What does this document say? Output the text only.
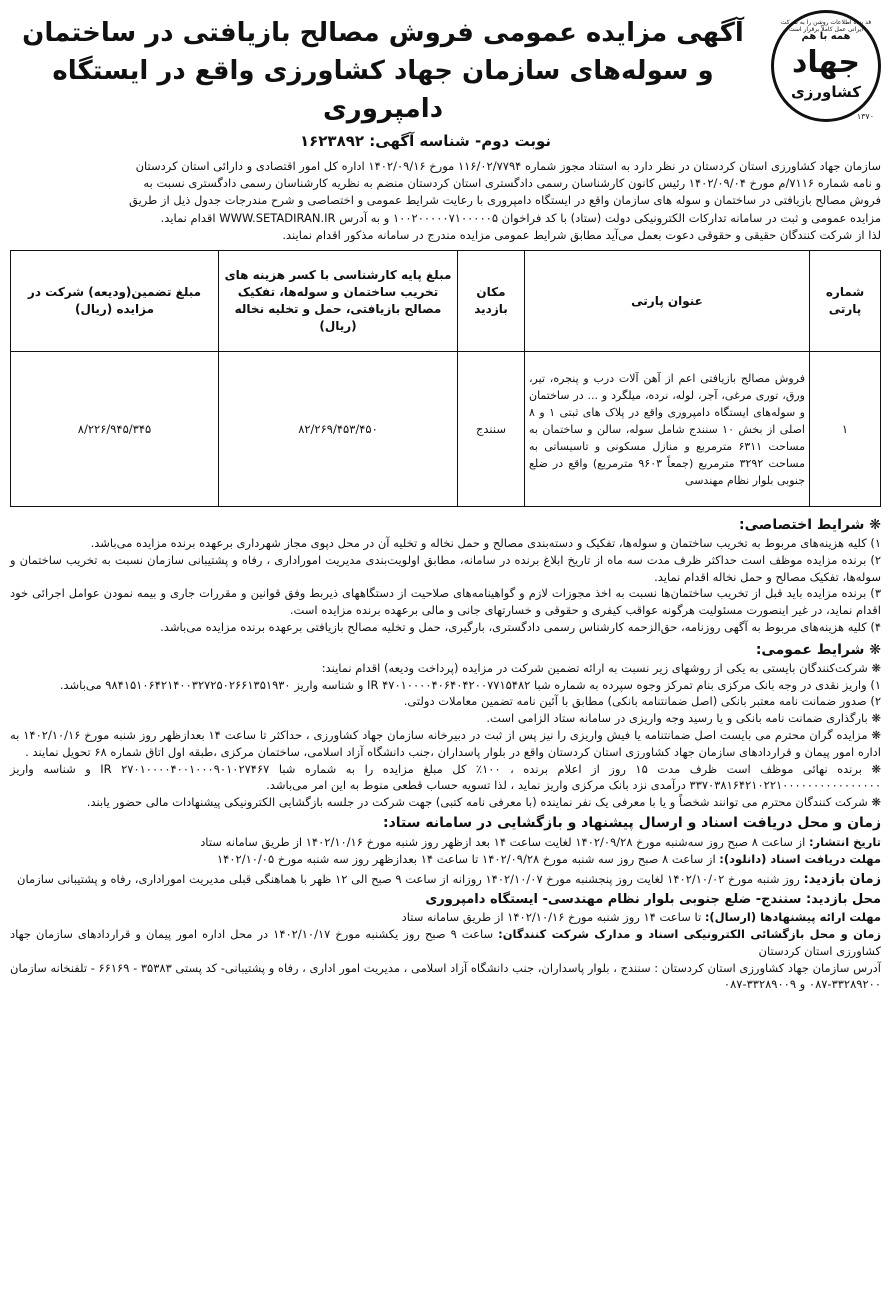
قد بنده اطلاعات روشن را به شرکت ایرانی عمل کاملاً برقرار است
همه با هم
جهاد
کشاورزی
۱۳۷۰
آگهی مزایده عمومی فروش مصالح بازیافتی در ساختمان
و سوله‌های سازمان جهاد کشاورزی واقع در ایستگاه دامپروری
نوبت دوم- شناسه آگهی: ۱۶۲۳۸۹۲
سازمان جهاد کشاورزی استان کردستان در نظر دارد به استناد مجوز شماره ۱۱۶/۰۲/۷۷۹۴ مورخ ۱۴۰۲/۰۹/۱۶ اداره کل امور اقتصادی و دارائی استان کردستان
و نامه شماره ۷۱۱۶/م مورخ ۱۴۰۲/۰۹/۰۴ رئیس کانون کارشناسان رسمی دادگستری استان کردستان منضم به نظریه کارشناسان رسمی دادگستری نسبت به
فروش مصالح بازیافتی در ساختمان و سوله های سازمان واقع در ایستگاه دامپروری با رعایت شرایط عمومی و اختصاصی و شرح مندرجات جدول ذیل از طریق
مزایده عمومی و ثبت در سامانه تدارکات الکترونیکی دولت (ستاد) با کد فراخوان ۱۰۰۲۰۰۰۰۰۷۱۰۰۰۰۰۵ و به آدرس WWW.SETADIRAN.IR اقدام نماید.
لذا از شرکت کنندگان حقیقی و حقوقی دعوت بعمل می‌آید مطابق شرایط عمومی مزایده مندرج در سامانه مذکور اقدام نمایند.
شماره پارتی	عنوان پارتی	مکان بازدید	مبلغ پایه کارشناسی با کسر هزینه های تخریب ساختمان و سوله‌ها، تفکیک مصالح بازیافتی، حمل و تخلیه نخاله (ریال)	مبلغ تضمین(ودیعه) شرکت در مزایده (ریال)
۱	فروش مصالح بازیافتی اعم از آهن آلات درب و پنجره، تیر، ورق، توری مرغی، آجر، لوله، نرده، میلگرد و ... در ساختمان و سوله‌های ایستگاه دامپروری واقع در پلاک های ثبتی ۱ و ۸ اصلی از بخش ۱۰ سنندج شامل سوله، سالن و ساختمان به مساحت ۶۳۱۱ مترمربع و منازل مسکونی و تاسیساتی به مساحت ۳۲۹۲ مترمربع (جمعاً ۹۶۰۳ مترمربع) واقع در ضلع جنوبی بلوار نظام مهندسی	سنندج	۸۲/۲۶۹/۴۵۳/۴۵۰	۸/۲۲۶/۹۴۵/۳۴۵
❋ شرایط اختصاصی:
۱) کلیه هزینه‌های مربوط به تخریب ساختمان و سوله‌ها، تفکیک و دسته‌بندی مصالح و حمل نخاله و تخلیه آن در محل دپوی مجاز شهرداری برعهده برنده مزایده می‌باشد.
۲) برنده مزایده موظف است حداکثر ظرف مدت سه ماه از تاریخ ابلاغ برنده در سامانه، مطابق اولویت‌بندی مدیریت اموراداری ، رفاه و پشتیبانی سازمان نسبت به تخریب ساختمان و سوله‌ها، تفکیک مصالح و حمل نخاله اقدام نماید.
۳) برنده مزایده باید قبل از تخریب ساختمان‌ها نسبت به اخذ مجوزات لازم و گواهینامه‌های صلاحیت از دستگاههای ذیربط وفق قوانین و مقررات جاری و بیمه نمودن عوامل اجرائی خود اقدام نماید، در غیر اینصورت مسئولیت هرگونه عواقب کیفری و حقوقی و خسارتهای جانی و مالی برعهده برنده مزایده است.
۴) کلیه هزینه‌های مربوط به آگهی روزنامه، حق‌الزحمه کارشناس رسمی دادگستری، بارگیری، حمل و تخلیه مصالح بازیافتی برعهده برنده مزایده می‌باشد.
❋ شرایط عمومی:
❋ شرکت‌کنندگان بایستی به یکی از روشهای زیر نسبت به ارائه تضمین شرکت در مزایده (پرداخت ودیعه) اقدام نمایند:
۱) واریز نقدی در وجه بانک مرکزی بنام تمرکز وجوه سپرده به شماره شبا IR ۴۷۰۱۰۰۰۰۴۰۶۴۰۴۲۰۰۷۷۱۵۴۸۲ و شناسه واریز ۹۸۴۱۵۱۰۶۴۲۱۴۰۰۳۲۷۲۵۰۲۶۶۱۳۵۱۹۳۰ می‌باشد.
۲) صدور ضمانت نامه معتبر بانکی (اصل ضمانتنامه بانکی) مطابق با آئین نامه تضمین معاملات دولتی.
❋ بارگذاری ضمانت نامه بانکی و یا رسید وجه واریزی در سامانه ستاد الزامی است.
❋ مزایده گران محترم می بایست اصل ضمانتنامه یا فیش واریزی را نیز پس از ثبت در دبیرخانه سازمان جهاد کشاورزی ، حداکثر تا ساعت ۱۴ بعدازظهر روز شنبه مورخ ۱۴۰۲/۱۰/۱۶ به اداره امور پیمان و قراردادهای سازمان جهاد کشاورزی استان کردستان واقع در بلوار پاسداران ،جنب دانشگاه آزاد اسلامی، ساختمان مرکزی ،طبقه اول اتاق شماره ۶۸ تحویل نمایند .
❋ برنده نهائی موظف است ظرف مدت ۱۵ روز از اعلام برنده ، ۱۰۰٪ کل مبلغ مزایده را به شماره شبا IR ۲۷۰۱۰۰۰۰۴۰۰۱۰۰۰۹۰۱۰۲۷۴۶۷ و شناسه واریز ۳۳۷۰۳۸۱۶۴۲۱۰۲۲۱۰۰۰۰۰۰۰۰۰۰۰۰۰۰۰۰ درآمدی نزد بانک مرکزی واریز نماید ، لذا تسویه حساب قطعی منوط به این امر می‌باشد.
❋ شرکت کنندگان محترم می توانند شخصاً و یا با معرفی یک نفر نماینده (با معرفی نامه کتبی) جهت شرکت در جلسه بازگشایی الکترونیکی پیشنهادات مالی حضور یابند.
زمان و محل دریافت اسناد و ارسال پیشنهاد و بازگشایی در سامانه ستاد:
تاریخ انتشار: از ساعت ۸ صبح روز سه‌شنبه مورخ ۱۴۰۲/۰۹/۲۸ لغایت ساعت ۱۴ بعد ازظهر روز شنبه مورخ ۱۴۰۲/۱۰/۱۶ از طریق سامانه ستاد
مهلت دریافت اسناد (دانلود): از ساعت ۸ صبح روز سه شنبه مورخ ۱۴۰۲/۰۹/۲۸ تا ساعت ۱۴ بعدازظهر روز سه شنبه مورخ ۱۴۰۲/۱۰/۰۵
زمان بازدید: روز شنبه مورخ ۱۴۰۲/۱۰/۰۲ لغایت روز پنجشنبه مورخ ۱۴۰۲/۱۰/۰۷ روزانه از ساعت ۹ صبح الی ۱۲ ظهر با هماهنگی قبلی مدیریت اموراداری، رفاه و پشتیبانی سازمان
محل بازدید: سنندج- ضلع جنوبی بلوار نظام مهندسی- ایستگاه دامپروری
مهلت ارائه پیشنهادها (ارسال): تا ساعت ۱۴ روز شنبه مورخ ۱۴۰۲/۱۰/۱۶ از طریق سامانه ستاد
زمان و محل بازگشائی الکترونیکی اسناد و مدارک شرکت کنندگان: ساعت ۹ صبح روز یکشنبه مورخ ۱۴۰۲/۱۰/۱۷ در محل اداره امور پیمان و قراردادهای سازمان جهاد کشاورزی استان کردستان
آدرس سازمان جهاد کشاورزی استان کردستان : سنندج ، بلوار پاسداران، جنب دانشگاه آزاد اسلامی ، مدیریت امور اداری ، رفاه و پشتیبانی- کد پستی ۳۵۳۸۳ - ۶۶۱۶۹ - تلفنخانه سازمان ۳۳۲۸۹۲۰۰-۰۸۷ و ۳۳۲۸۹۰۰۹-۰۸۷
